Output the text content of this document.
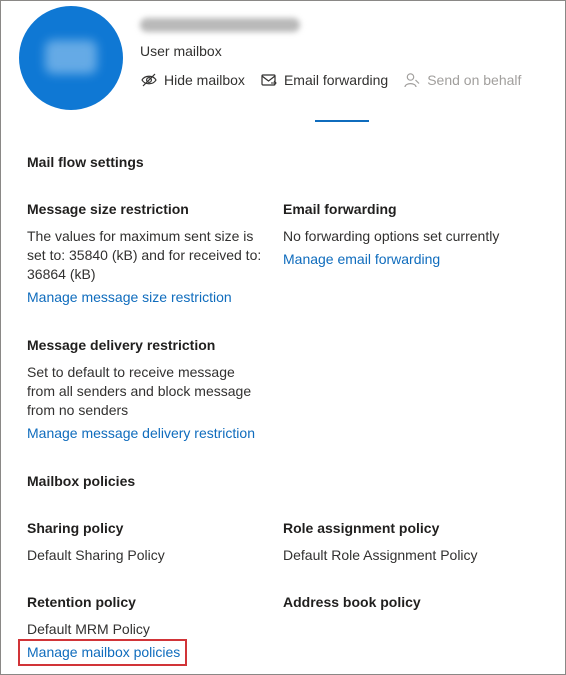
User mailbox
Hide mailbox	Email forwarding	Send on behalf
Mail flow settings
Message size restriction
The values for maximum sent size is
set to: 35840 (kB) and for received to:
36864 (kB)
Manage message size restriction
Email forwarding
No forwarding options set currently
Manage email forwarding
Message delivery restriction
Set to default to receive message
from all senders and block message
from no senders
Manage message delivery restriction
Mailbox policies
Sharing policy
Default Sharing Policy
Role assignment policy
Default Role Assignment Policy
Retention policy
Default MRM Policy
Address book policy
Manage mailbox policies
